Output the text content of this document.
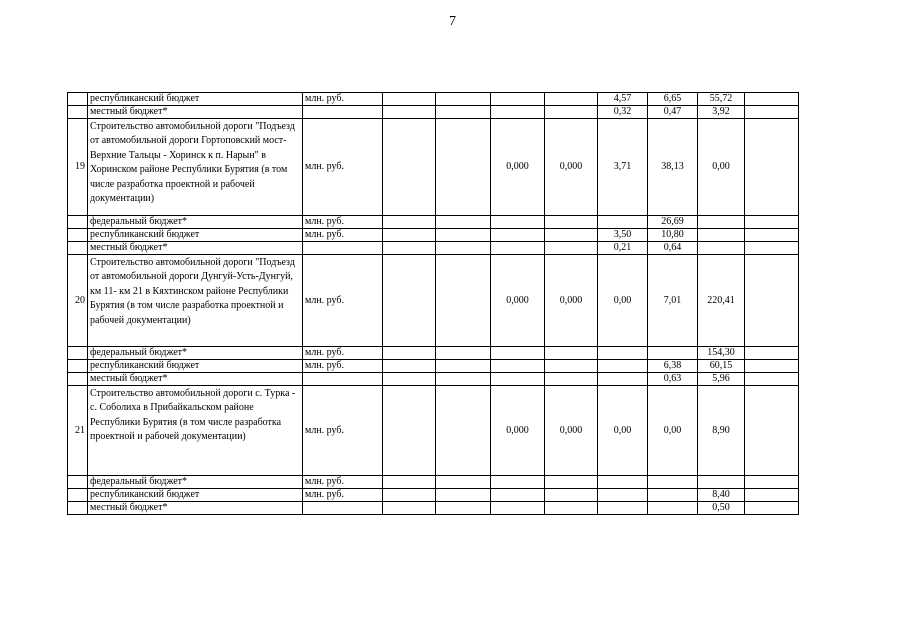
7
	республиканский бюджет	млн. руб.					4,57	6,65	55,72	
	местный бюджет*						0,32	0,47	3,92	
19	Строительство автомобильной дороги "Подъезд от автомобильной дороги Гортоповский мост-Верхние Тальцы - Хоринск к п. Нарын" в Хоринском районе Республики Бурятия (в том числе разработка проектной и рабочей документации)	млн. руб.			0,000	0,000	3,71	38,13	0,00	
	федеральный бюджет*	млн. руб.						26,69		
	республиканский бюджет	млн. руб.					3,50	10,80		
	местный бюджет*						0,21	0,64		
20	Строительство автомобильной дороги "Подъезд от автомобильной дороги Дунгуй-Усть-Дунгуй, км 11- км 21 в Кяхтинском районе Республики Бурятия (в том числе разработка проектной и рабочей документации)	млн. руб.			0,000	0,000	0,00	7,01	220,41	
	федеральный бюджет*	млн. руб.							154,30	
	республиканский бюджет	млн. руб.						6,38	60,15	
	местный бюджет*							0,63	5,96	
21	Строительство автомобильной дороги с. Турка - с. Соболиха в Прибайкальском районе Республики Бурятия (в том числе разработка проектной и рабочей документации)	млн. руб.			0,000	0,000	0,00	0,00	8,90	
	федеральный бюджет*	млн. руб.								
	республиканский бюджет	млн. руб.							8,40	
	местный бюджет*								0,50	
